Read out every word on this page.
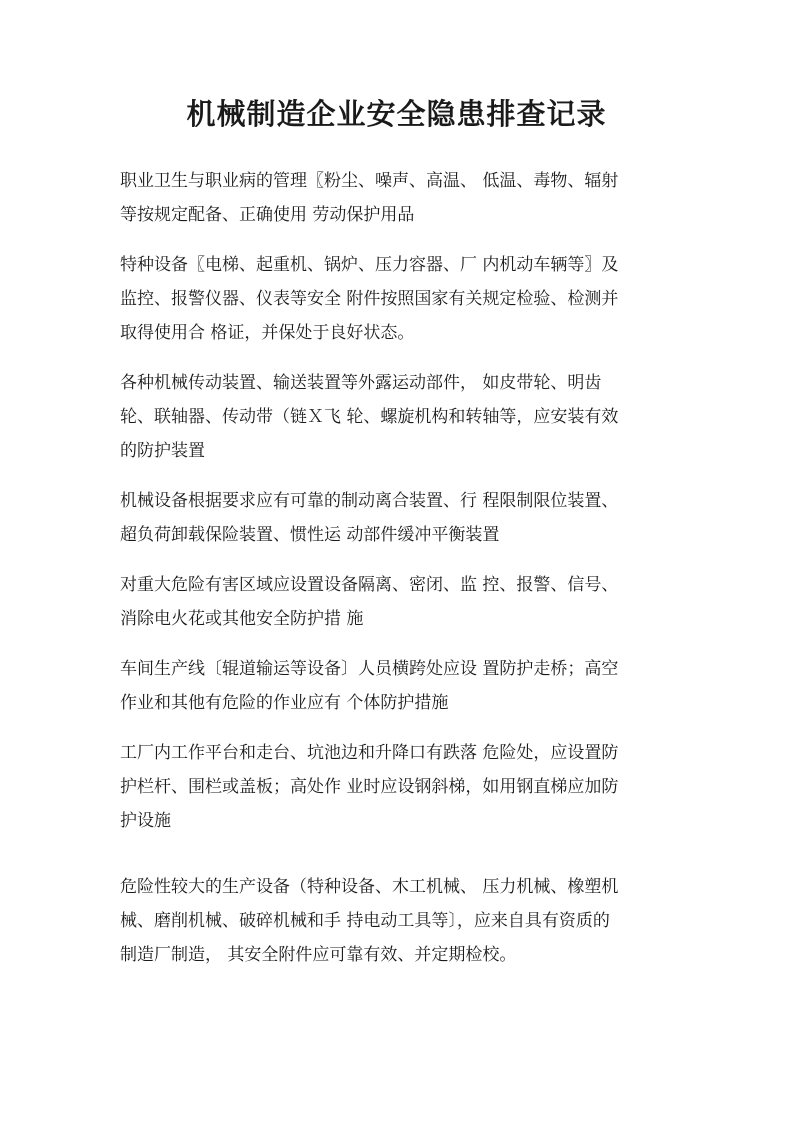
机械制造企业安全隐患排查记录
职业卫生与职业病的管理〖粉尘、噪声、高温、 低温、毒物、辐射
等按规定配备、正确使用 劳动保护用品
特种设备〖电梯、起重机、锅炉、压力容器、厂 内机动车辆等〗及
监控、报警仪器、仪表等安全 附件按照国家有关规定检验、检测并
取得使用合 格证，并保处于良好状态。
各种机械传动装置、输送装置等外露运动部件， 如皮带轮、明齿
轮、联轴器、传动带（链Ｘ飞 轮、螺旋机构和转轴等，应安装有效
的防护装置
机械设备根据要求应有可靠的制动离合装置、行 程限制限位装置、
超负荷卸载保险装置、惯性运 动部件缓冲平衡装置
对重大危险有害区域应设置设备隔离、密闭、监 控、报警、信号、
消除电火花或其他安全防护措 施
车间生产线〔辊道输运等设备〕人员横跨处应设 置防护走桥；高空
作业和其他有危险的作业应有 个体防护措施
工厂内工作平台和走台、坑池边和升降口有跌落 危险处，应设置防
护栏杆、围栏或盖板；高处作 业时应设钢斜梯，如用钢直梯应加防
护设施
危险性较大的生产设备（特种设备、木工机械、 压力机械、橡塑机
械、磨削机械、破碎机械和手 持电动工具等〕，应来自具有资质的
制造厂制造， 其安全附件应可靠有效、并定期检校。
